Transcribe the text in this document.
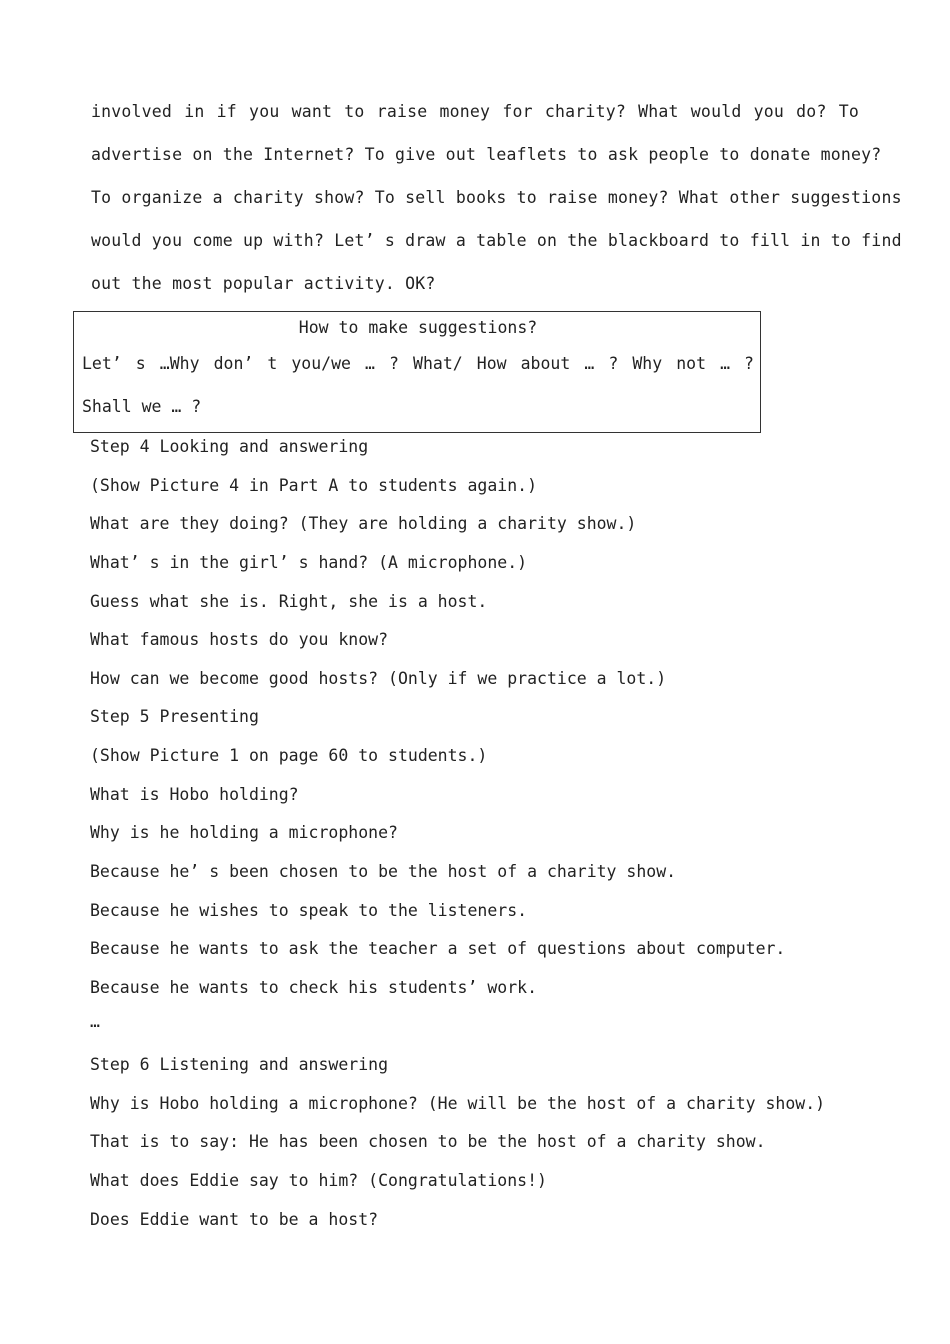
involved in if you want to raise money for charity? What would you do? To
advertise on the Internet? To give out leaflets to ask people to donate money?
To organize a charity show? To sell books to raise money? What other suggestions
would you come up with? Let’ s draw a table on the blackboard to fill in to find
out the most popular activity. OK?
How to make suggestions?
Let’ s …Why don’ t you/we … ? What/ How about … ? Why not … ?
Shall we … ?
Step 4 Looking and answering
(Show Picture 4 in Part A to students again.)
What are they doing? (They are holding a charity show.)
What’ s in the girl’ s hand? (A microphone.)
Guess what she is. Right, she is a host.
What famous hosts do you know?
How can we become good hosts? (Only if we practice a lot.)
Step 5 Presenting
(Show Picture 1 on page 60 to students.)
What is Hobo holding?
Why is he holding a microphone?
Because he’ s been chosen to be the host of a charity show.
Because he wishes to speak to the listeners.
Because he wants to ask the teacher a set of questions about computer.
Because he wants to check his students’ work.
…
Step 6 Listening and answering
Why is Hobo holding a microphone? (He will be the host of a charity show.)
That is to say: He has been chosen to be the host of a charity show.
What does Eddie say to him? (Congratulations!)
Does Eddie want to be a host?
